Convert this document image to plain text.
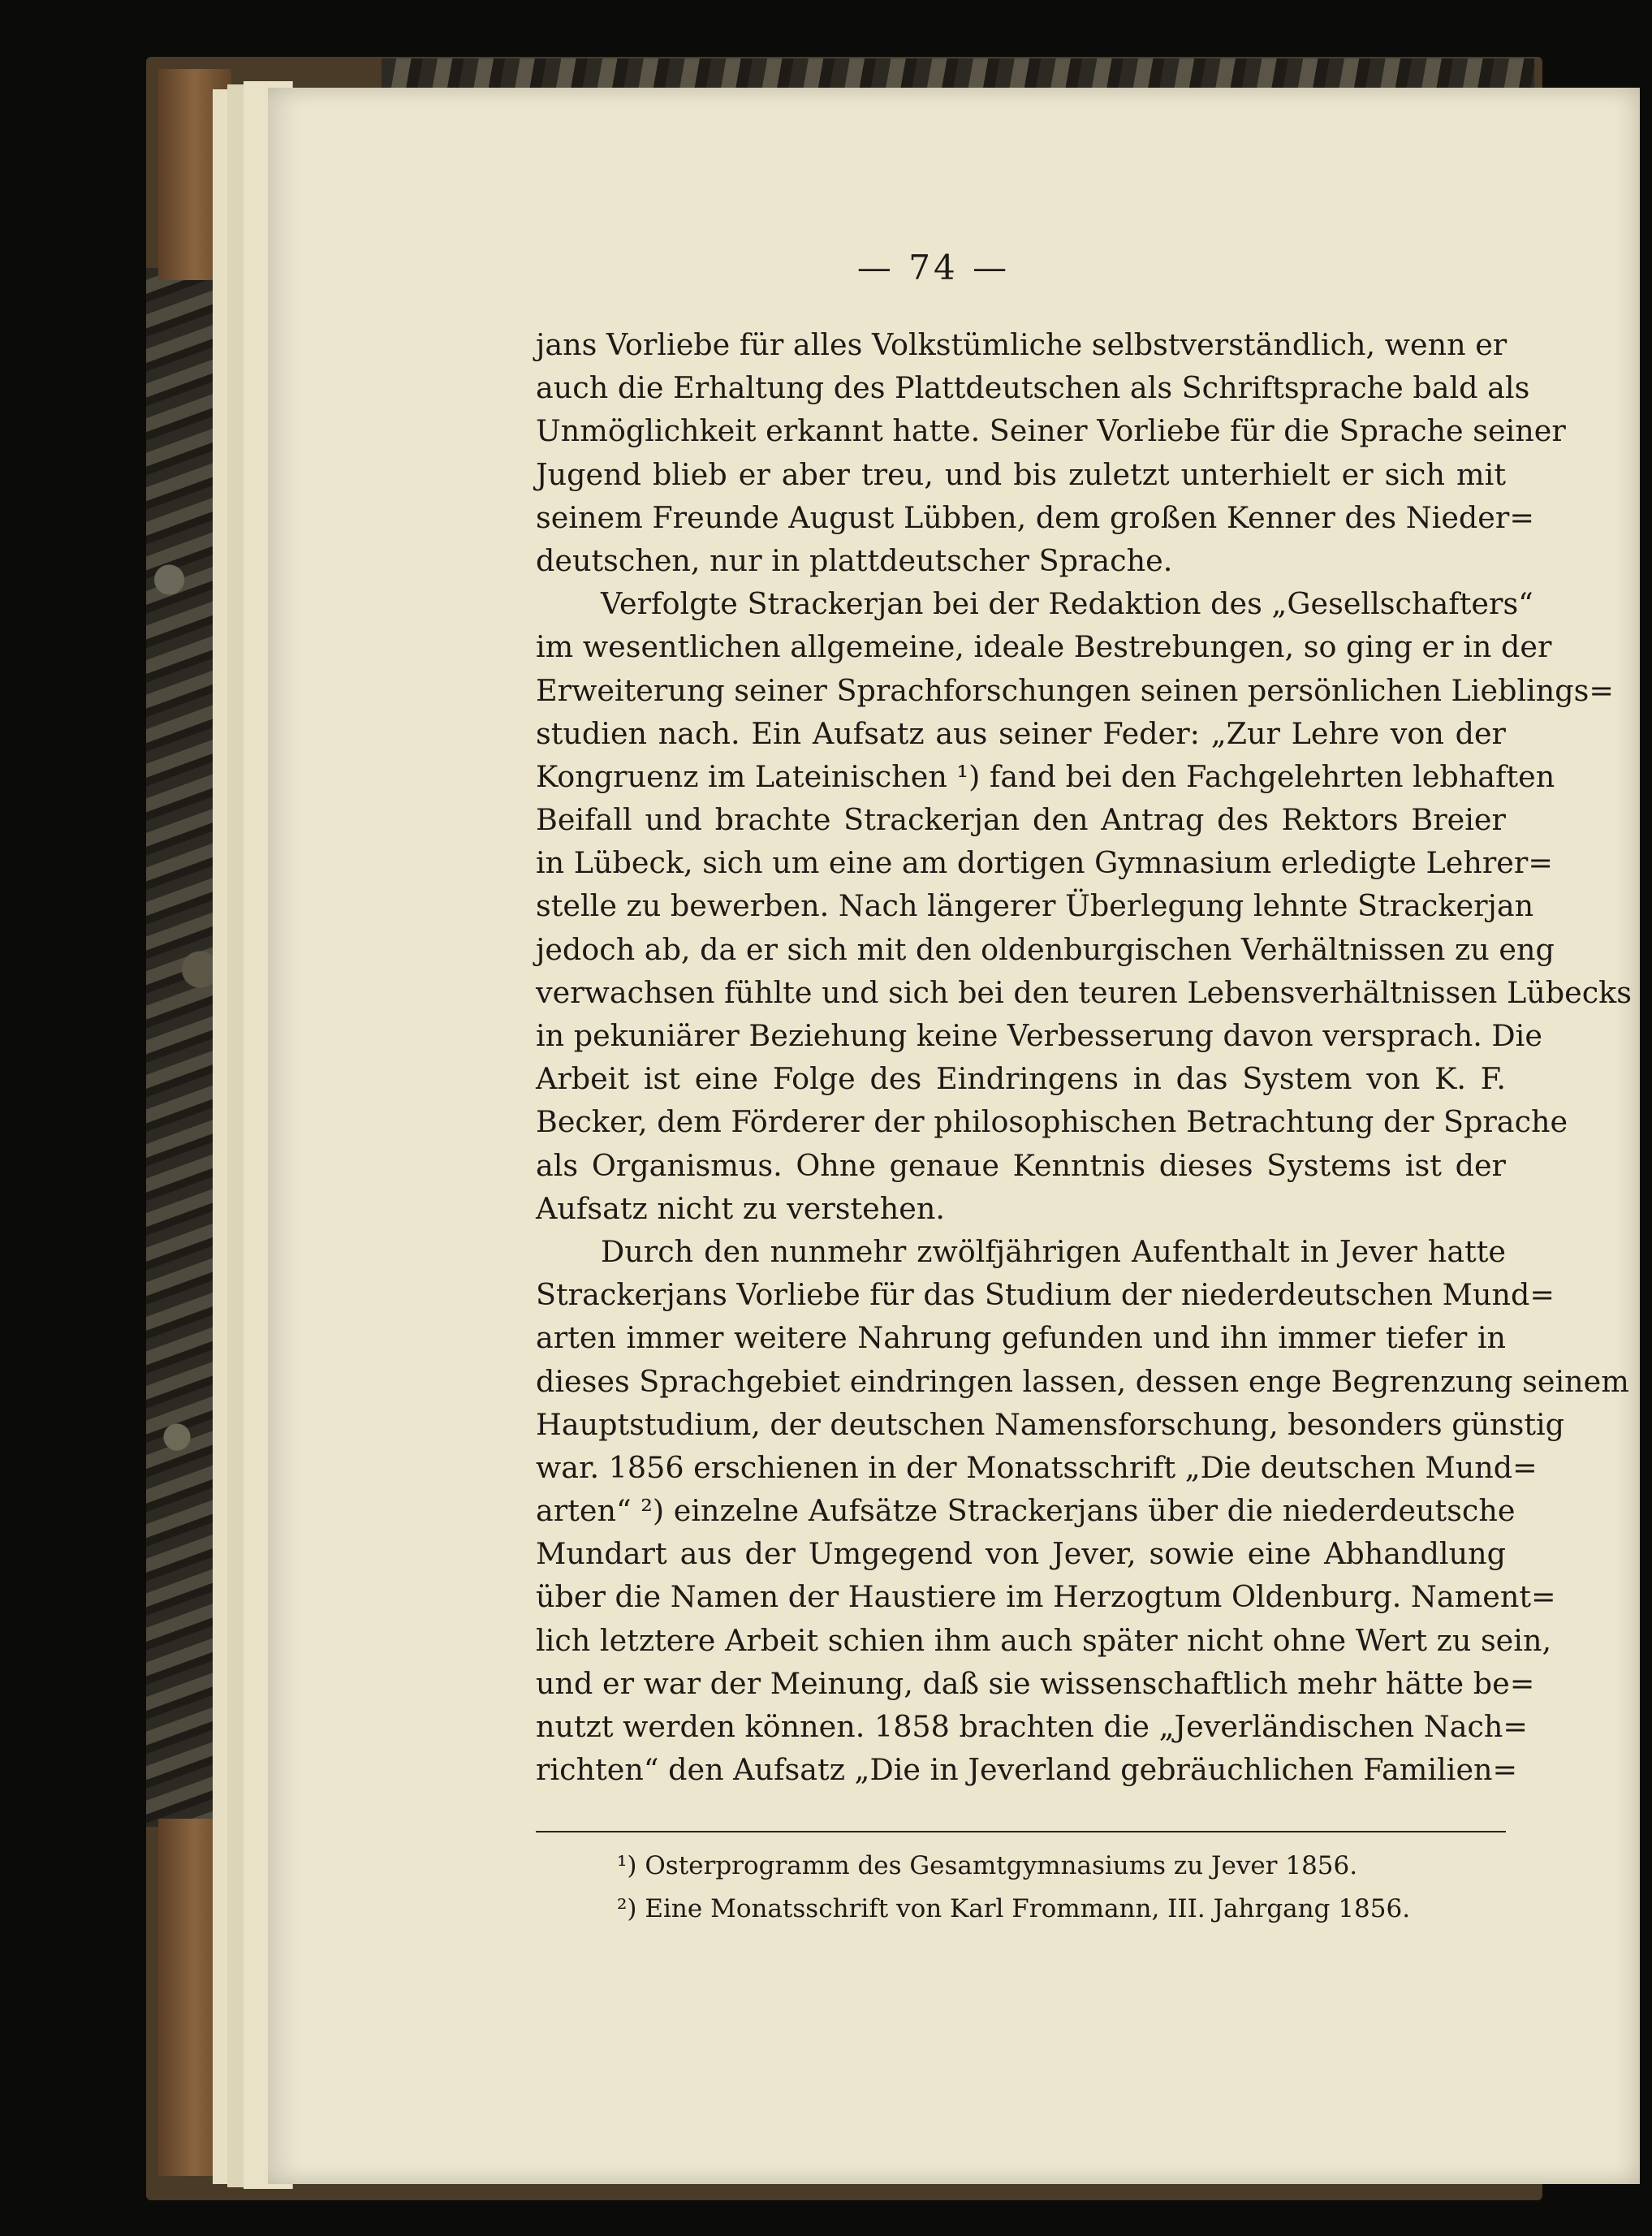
— 74 —
jans Vorliebe für alles Volkstümliche selbstverständlich, wenn er
auch die Erhaltung des Plattdeutschen als Schriftsprache bald als
Unmöglichkeit erkannt hatte. Seiner Vorliebe für die Sprache seiner
Jugend blieb er aber treu, und bis zuletzt unterhielt er sich mit
seinem Freunde August Lübben, dem großen Kenner des Nieder=
deutschen, nur in plattdeutscher Sprache.
Verfolgte Strackerjan bei der Redaktion des „Gesellschafters“
im wesentlichen allgemeine, ideale Bestrebungen, so ging er in der
Erweiterung seiner Sprachforschungen seinen persönlichen Lieblings=
studien nach. Ein Aufsatz aus seiner Feder: „Zur Lehre von der
Kongruenz im Lateinischen ¹) fand bei den Fachgelehrten lebhaften
Beifall und brachte Strackerjan den Antrag des Rektors Breier
in Lübeck, sich um eine am dortigen Gymnasium erledigte Lehrer=
stelle zu bewerben. Nach längerer Überlegung lehnte Strackerjan
jedoch ab, da er sich mit den oldenburgischen Verhältnissen zu eng
verwachsen fühlte und sich bei den teuren Lebensverhältnissen Lübecks
in pekuniärer Beziehung keine Verbesserung davon versprach. Die
Arbeit ist eine Folge des Eindringens in das System von K. F.
Becker, dem Förderer der philosophischen Betrachtung der Sprache
als Organismus. Ohne genaue Kenntnis dieses Systems ist der
Aufsatz nicht zu verstehen.
Durch den nunmehr zwölfjährigen Aufenthalt in Jever hatte
Strackerjans Vorliebe für das Studium der niederdeutschen Mund=
arten immer weitere Nahrung gefunden und ihn immer tiefer in
dieses Sprachgebiet eindringen lassen, dessen enge Begrenzung seinem
Hauptstudium, der deutschen Namensforschung, besonders günstig
war. 1856 erschienen in der Monatsschrift „Die deutschen Mund=
arten“ ²) einzelne Aufsätze Strackerjans über die niederdeutsche
Mundart aus der Umgegend von Jever, sowie eine Abhandlung
über die Namen der Haustiere im Herzogtum Oldenburg. Nament=
lich letztere Arbeit schien ihm auch später nicht ohne Wert zu sein,
und er war der Meinung, daß sie wissenschaftlich mehr hätte be=
nutzt werden können. 1858 brachten die „Jeverländischen Nach=
richten“ den Aufsatz „Die in Jeverland gebräuchlichen Familien=
¹) Osterprogramm des Gesamtgymnasiums zu Jever 1856.
²) Eine Monatsschrift von Karl Frommann, III. Jahrgang 1856.
